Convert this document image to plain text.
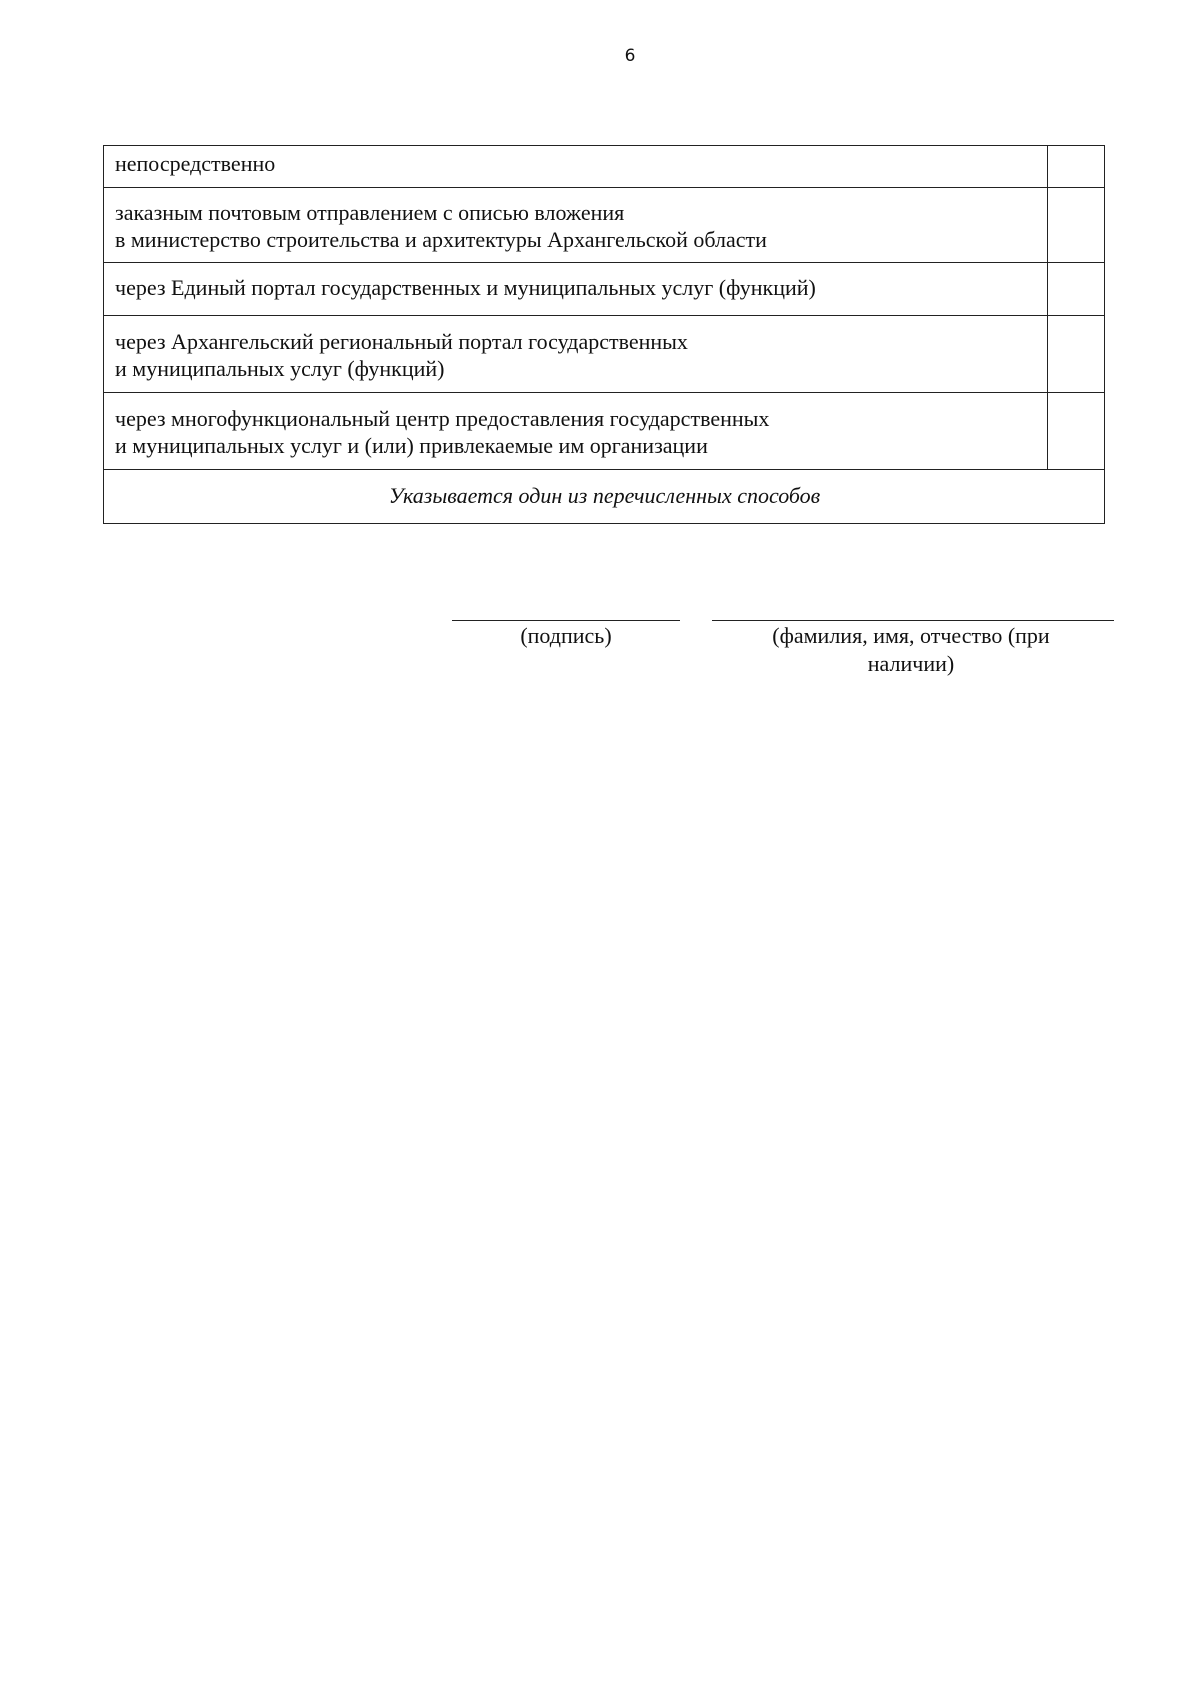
6
непосредственно	

заказным почтовым отправлением с описью вложения
в министерство строительства и архитектуры Архангельской области	

через Единый портал государственных и муниципальных услуг (функций)	

через Архангельский региональный портал государственных
и муниципальных услуг (функций)	

через многофункциональный центр предоставления государственных
и муниципальных услуг и (или) привлекаемые им организации	

Указывается один из перечисленных способов	
(подпись)	(фамилия, имя, отчество (при наличии)
